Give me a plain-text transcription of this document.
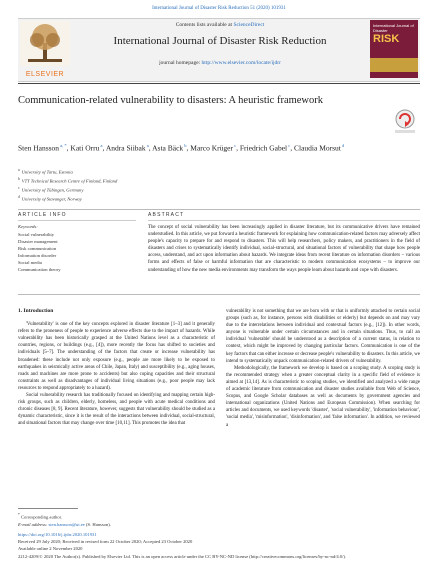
International Journal of Disaster Risk Reduction 51 (2020) 101931
ELSEVIER
Contents lists available at ScienceDirect
International Journal of Disaster Risk Reduction
journal homepage: http://www.elsevier.com/locate/ijdrr
International Journal of Disaster
RISK
Communication-related vulnerability to disasters: A heuristic framework
Sten Hansson $^{a, *}$, Kati Orru $^a$, Andra Siibak $^a$, Asta Bäck $^b$, Marco Krüger $^c$, Friedrich Gabel $^c$, Claudia Morsut $^d$
$^a$ University of Tartu, Estonia
$^b$ VTT Technical Research Centre of Finland, Finland
$^c$ University of Tübingen, Germany
$^d$ University of Stavanger, Norway
ARTICLE INFO	ABSTRACT
Keywords:
Social vulnerability
Disaster management
Risk communication
Information disorder
Social media
Communication theory
The concept of social vulnerability has been increasingly applied in disaster literature, but its communicative drivers have remained understudied. In this article, we put forward a heuristic framework for explaining how communication-related factors may adversely affect people's capacity to prepare for and respond to disasters. This will help researchers, policy makers, and practitioners in the field of disasters and crises to systematically identify individual, social-structural, and situational factors of vulnerability that shape how people access, understand, and act upon information about hazards. We integrate ideas from recent literature on information disorders – various forms and effects of false or harmful information that are characteristic to modern communication ecosystems – to improve our understanding of how the new media environments may transform the ways people learn about hazards and cope with disasters.
1. Introduction

'Vulnerability' is one of the key concepts explored in disaster literature [1–3] and it generally refers to the proneness of people to experience adverse effects due to the impact of hazards. While vulnerability has been historically grasped at the United Nations level as a characteristic of countries, regions, or buildings (e.g., [4]), more recently the focus has shifted to societies and individuals [5–7]. The understanding of the factors that create or increase vulnerability has broadened: these include not only exposure (e.g., people are more likely to be exposed to earthquakes in seismically active areas of Chile, Japan, Italy) and susceptibility (e.g., aging houses, roads and machines are more prone to accidents) but also coping capacities and their structural constraints as well as disadvantages of individual living situations (e.g., poor people may lack resources to respond appropriately to a hazard).

Social vulnerability research has traditionally focused on identifying and mapping certain high-risk groups, such as children, elderly, homeless, and people with acute medical conditions and chronic diseases [8, 9]. Recent literature, however, suggests that vulnerability should be studied as a dynamic characteristic, since it is the result of the interactions between individual, social-structural, and situational factors that may change over time [10,11]. This promotes the idea that

vulnerability is not something that we are born with or that is uniformly attached to certain social groups (such as, for instance, persons with disabilities or elderly) but depends on and may vary due to the interrelations between individual and contextual factors (e.g., [12]). In other words, anyone is vulnerable under certain circumstances and in certain situations. Thus, to call an individual 'vulnerable' should be understood as a description of a current status, in relation to context, which might be improved by changing particular factors. Communication is one of the key factors that can either increase or decrease people's vulnerability to disasters. In this article, we intend to systematically unpack communication-related drivers of vulnerability.

Methodologically, the framework we develop is based on a scoping study. A scoping study is the recommended strategy when a greater conceptual clarity in a specific field of evidence is aimed at [13,14]. As is characteristic to scoping studies, we identified and analyzed a wide range of academic literature from communication and disaster studies available from Web of Science, Scopus, and Google Scholar databases as well as documents by government agencies and international organizations (United Nations and European Commission). When searching for articles and documents, we used keywords 'disaster', 'social vulnerability', 'information behaviour', 'social media', 'misinformation', 'disinformation', and 'false information'. In addition, we reviewed a

* Corresponding author.
E-mail address: sten.hansson@ut.ee (S. Hansson).
https://doi.org/10.1016/j.ijdrr.2020.101931
Received 29 July 2020; Received in revised form 22 October 2020; Accepted 23 October 2020
Available online 2 November 2020
2212-4209/© 2020 The Author(s). Published by Elsevier Ltd. This is an open access article under the CC BY-NC-ND license (http://creativecommons.org/licenses/by-nc-nd/4.0/).
